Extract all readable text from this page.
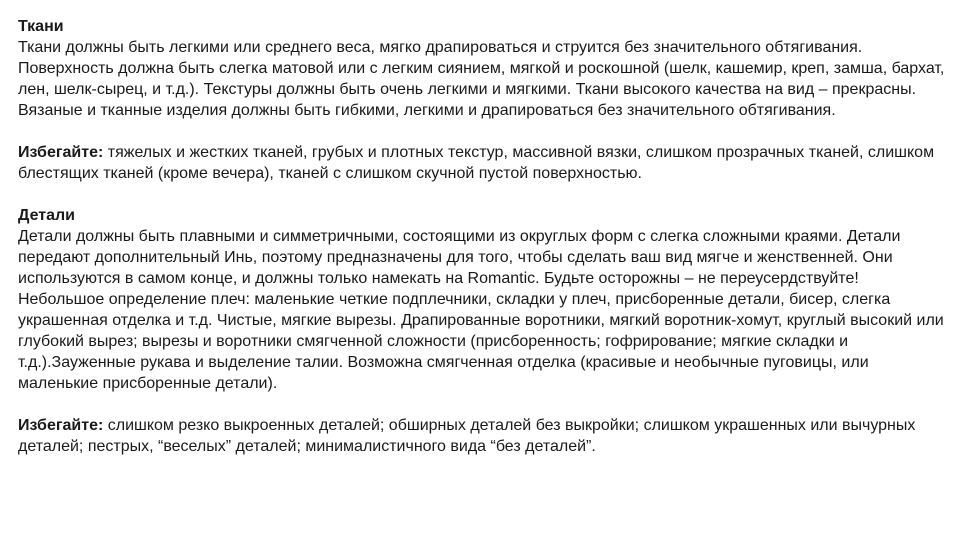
Ткани
Ткани должны быть легкими или среднего веса, мягко драпироваться и струится без значительного обтягивания. Поверхность должна быть слегка матовой или с легким сиянием, мягкой и роскошной (шелк, кашемир, креп, замша, бархат, лен, шелк-сырец, и т.д.). Текстуры должны быть очень легкими и мягкими. Ткани высокого качества на вид – прекрасны. Вязаные и тканные изделия должны быть гибкими, легкими и драпироваться без значительного обтягивания.
Избегайте: тяжелых и жестких тканей, грубых и плотных текстур, массивной вязки, слишком прозрачных тканей, слишком блестящих тканей (кроме вечера), тканей с слишком скучной пустой поверхностью.
Детали
Детали должны быть плавными и симметричными, состоящими из округлых форм с слегка сложными краями. Детали передают дополнительный Инь, поэтому предназначены для того, чтобы сделать ваш вид мягче и женственней. Они используются в самом конце, и должны только намекать на Romantic. Будьте осторожны – не переусердствуйте!
Небольшое определение плеч: маленькие четкие подплечники, складки у плеч, присборенные детали, бисер, слегка украшенная отделка и т.д. Чистые, мягкие вырезы. Драпированные воротники, мягкий воротник-хомут, круглый высокий или глубокий вырез; вырезы и воротники смягченной сложности (присборенность; гофрирование; мягкие складки и т.д.).Зауженные рукава и выделение талии. Возможна смягченная отделка (красивые и необычные пуговицы, или маленькие присборенные детали).
Избегайте: слишком резко выкроенных деталей; обширных деталей без выкройки; слишком украшенных или вычурных деталей; пестрых, “веселых” деталей; минималистичного вида “без деталей”.
